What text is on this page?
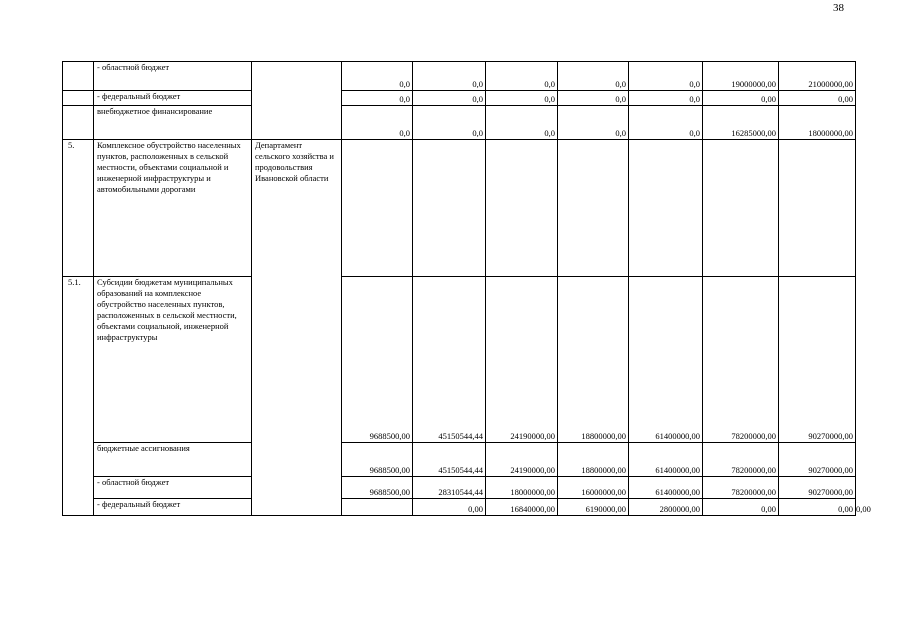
38
	- областной бюджет		0,0	0,0	0,0	0,0	0,0	19000000,00	21000000,00	
	- федеральный бюджет		0,0	0,0	0,0	0,0	0,0	0,00	0,00	
	внебюджетное финансирование		0,0	0,0	0,0	0,0	0,0	16285000,00	18000000,00	
5.	Комплексное обустройство населенных пунктов, расположенных в сельской местности, объектами социальной и инженерной инфраструктуры и автомобильными дорогами	Департамент сельского хозяйства и продовольствия Ивановской области								
5.1.	Субсидии бюджетам муниципальных образований на комплексное обустройство населенных пунктов, расположенных в сельской местности, объектами социальной, инженерной инфраструктуры		9688500,00	45150544,44	24190000,00	18800000,00	61400000,00	78200000,00	90270000,00	
	бюджетные ассигнования		9688500,00	45150544,44	24190000,00	18800000,00	61400000,00	78200000,00	90270000,00	
	- областной бюджет		9688500,00	28310544,44	18000000,00	16000000,00	61400000,00	78200000,00	90270000,00	
	- федеральный бюджет			0,00	16840000,00	6190000,00	2800000,00	0,00	0,00	0,00
